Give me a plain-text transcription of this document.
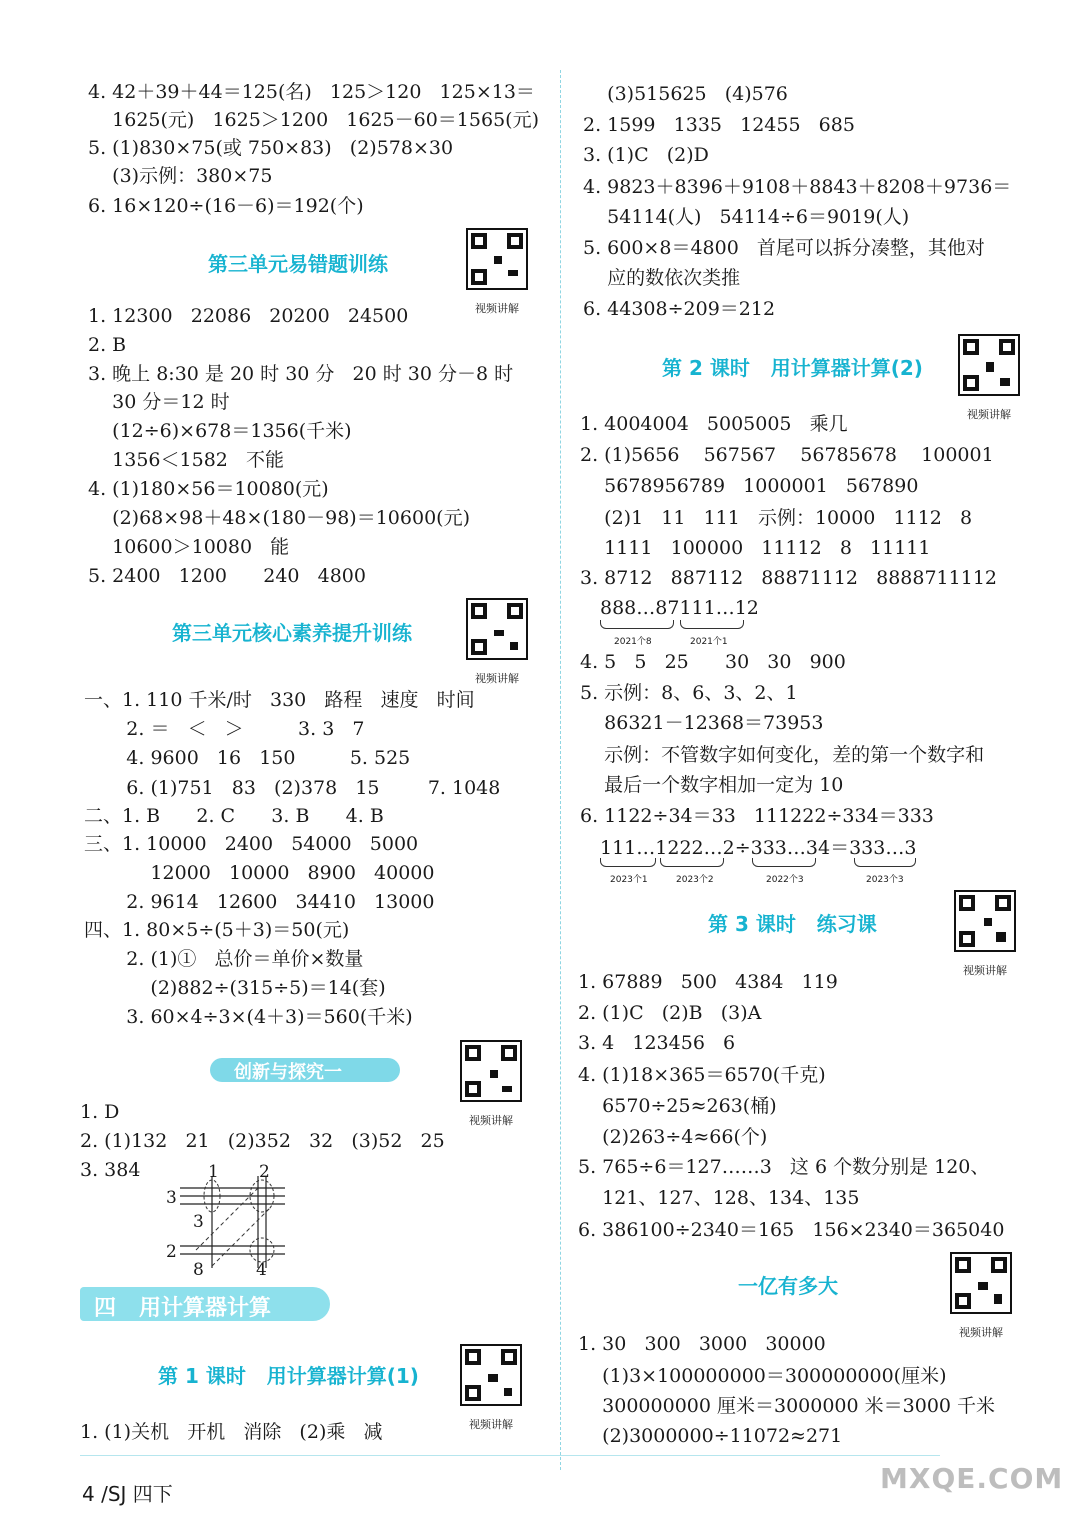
4. 42＋39＋44＝125(名)   125＞120   125×13＝
1625(元)   1625＞1200   1625－60＝1565(元)
5. (1)830×75(或 750×83)   (2)578×30
(3)示例：380×75
6. 16×120÷(16－6)＝192(个)
第三单元易错题训练
视频讲解
1. 12300   22086   20200   24500
2. B
3. 晚上 8:30 是 20 时 30 分   20 时 30 分－8 时
30 分＝12 时
(12÷6)×678＝1356(千米)
1356＜1582   不能
4. (1)180×56＝10080(元)
(2)68×98＋48×(180－98)＝10600(元)
10600＞10080   能
5. 2400   1200      240   4800
第三单元核心素养提升训练
视频讲解
一、1. 110 千米/时   330   路程   速度   时间
2. ＝   ＜   ＞         3. 3   7
4. 9600   16   150         5. 525
6. (1)751   83   (2)378   15        7. 1048
二、1. B      2. C      3. B      4. B
三、1. 10000   2400   54000   5000
12000   10000   8900   40000
2. 9614   12600   34410   13000
四、1. 80×5÷(5＋3)＝50(元)
2. (1)①   总价＝单价×数量
(2)882÷(315÷5)＝14(套)
3. 60×4÷3×(4＋3)＝560(千米)
创新与探究一
视频讲解
1. D
2. (1)132   21   (2)352   32   (3)52   25
3. 384	1 2
3
3
2
8	4
四   用计算器计算
第 1 课时   用计算器计算(1)
视频讲解
1. (1)关机   开机   消除   (2)乘   减
(3)515625   (4)576
2. 1599   1335   12455   685
3. (1)C   (2)D
4. 9823＋8396＋9108＋8843＋8208＋9736＝
54114(人)   54114÷6＝9019(人)
5. 600×8＝4800   首尾可以拆分凑整，其他对
应的数依次类推
6. 44308÷209＝212
第 2 课时   用计算器计算(2)
视频讲解
1. 4004004   5005005   乘几
2. (1)5656    567567    56785678    100001
5678956789   1000001   567890
(2)1   11   111   示例：10000   1112   8
1111   100000   11112   8   11111
3. 8712   887112   88871112   8888711112
888…87111…12
2021个8	2021个1
4. 5   5   25      30   30   900
5. 示例：8、6、3、2、1
86321－12368＝73953
示例：不管数字如何变化，差的第一个数字和
最后一个数字相加一定为 10
6. 1122÷34＝33   111222÷334＝333
111…1222…2÷333…34＝333…3
2023个1	2023个2	2022个3	2023个3
第 3 课时   练习课
视频讲解
1. 67889   500   4384   119
2. (1)C   (2)B   (3)A
3. 4   123456   6
4. (1)18×365＝6570(千克)
6570÷25≈263(桶)
(2)263÷4≈66(个)
5. 765÷6＝127……3   这 6 个数分别是 120、
121、127、128、134、135
6. 386100÷2340＝165   156×2340＝365040
一亿有多大
视频讲解
1. 30   300   3000   30000
(1)3×100000000＝300000000(厘米)
300000000 厘米＝3000000 米＝3000 千米
(2)3000000÷11072≈271
4 /SJ 四下	MXQE.COM
